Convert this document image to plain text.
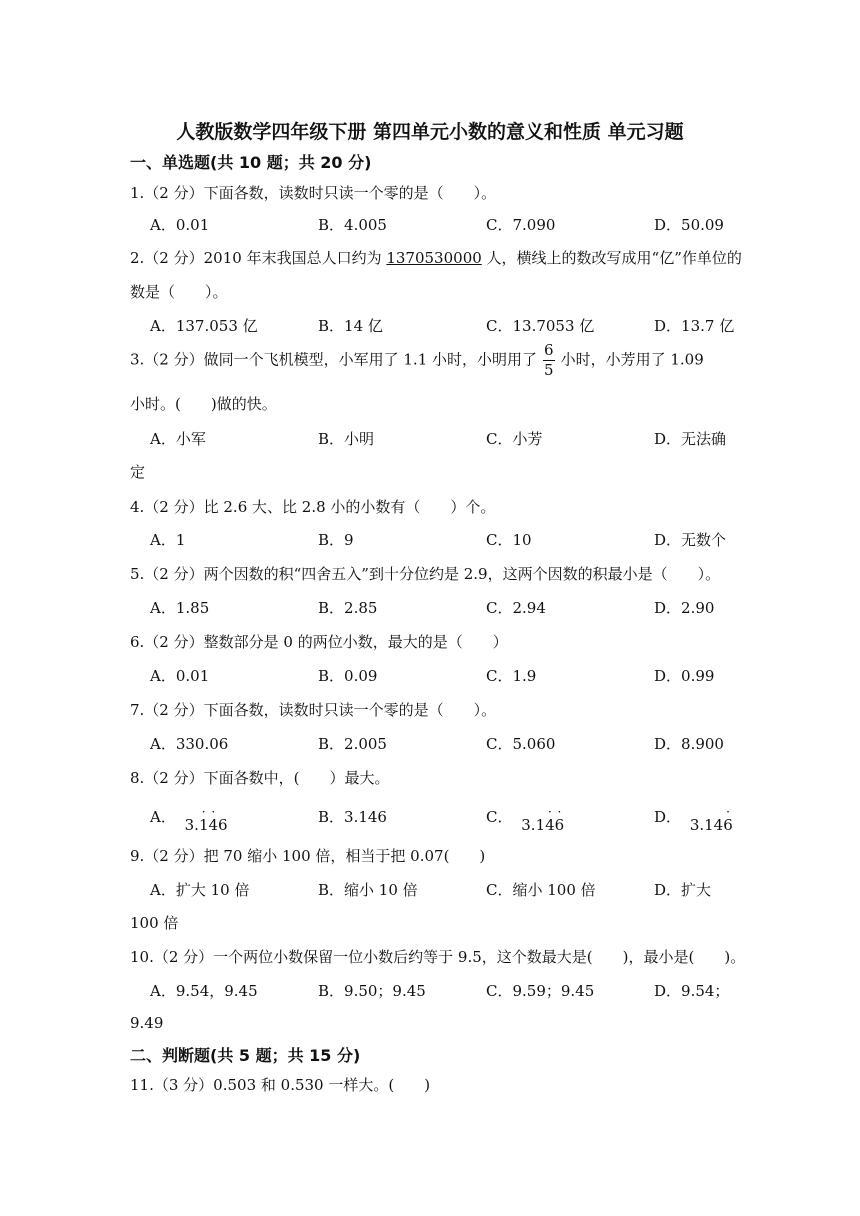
人教版数学四年级下册 第四单元小数的意义和性质 单元习题
一、单选题(共 10 题；共 20 分)
1.（2 分）下面各数，读数时只读一个零的是（　　）。
A．0.01	B．4.005	C．7.090	D．50.09
2.（2 分）2010 年末我国总人口约为 1370530000 人，横线上的数改写成用“亿”作单位的
数是（　　）。
A．137.053 亿	B．14 亿	C．13.7053 亿	D．13.7 亿
3.（2 分）做同一个飞机模型，小军用了 1.1 小时，小明用了 $\frac{6}{5}$ 小时，小芳用了 1.09
小时。(　　)做的快。
A．小军	B．小明	C．小芳	D．无法确
定
4.（2 分）比 2.6 大、比 2.8 小的小数有（　　）个。
A．1	B．9	C．10	D．无数个
5.（2 分）两个因数的积“四舍五入”到十分位约是 2.9，这两个因数的积最小是（　　）。
A．1.85	B．2.85	C．2.94	D．2.90
6.（2 分）整数部分是 0 的两位小数，最大的是（　　）
A．0.01	B．0.09	C．1.9	D．0.99
7.（2 分）下面各数，读数时只读一个零的是（　　）。
A．330.06	B．2.005	C．5.060	D．8.900
8.（2 分）下面各数中，(　　）最大。
A． 3.· 1· 46	B．3.146	C． 3.1· 4· 6	D． 3.14· 6
9.（2 分）把 70 缩小 100 倍，相当于把 0.07(　　)
A．扩大 10 倍	B．缩小 10 倍	C．缩小 100 倍	D．扩大
100 倍
10.（2 分）一个两位小数保留一位小数后约等于 9.5，这个数最大是(　　)，最小是(　　)。
A．9.54，9.45	B．9.50；9.45	C．9.59；9.45	D．9.54；
9.49
二、判断题(共 5 题；共 15 分)
11.（3 分）0.503 和 0.530 一样大。(　　)
